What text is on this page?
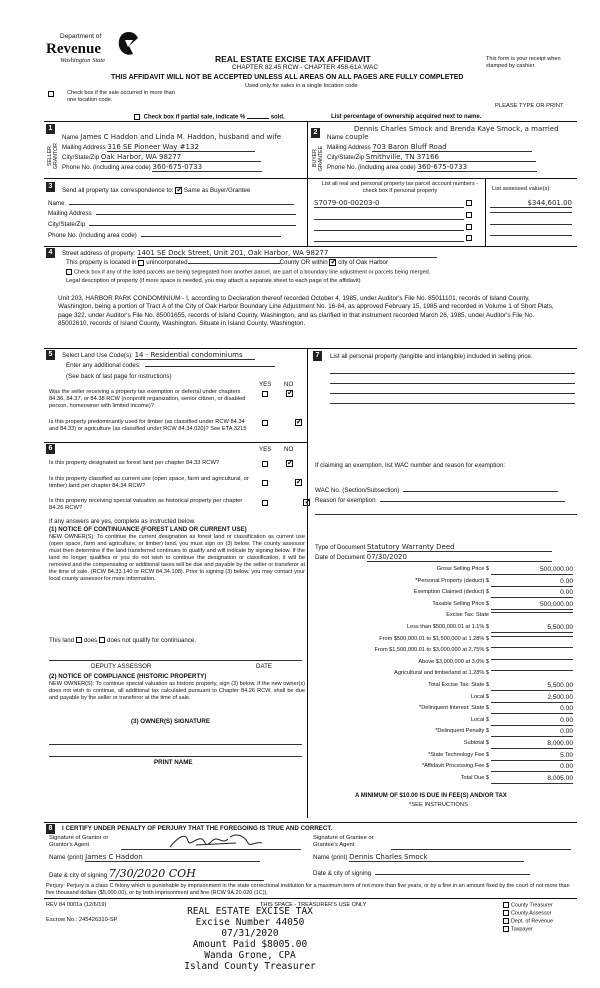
Department of
Revenue
Washington State	REAL ESTATE EXCISE TAX AFFIDAVIT
CHAPTER 82.45 RCW - CHAPTER 458-61A WAC
THIS AFFIDAVIT WILL NOT BE ACCEPTED UNLESS ALL AREAS ON ALL PAGES ARE FULLY COMPLETED
Used only for sales in a single location code
This form is your receipt when stamped by cashier.
Check box if the sale occurred in more than one location code.
PLEASE TYPE OR PRINT
Check box if partial sale, indicate %	sold.	List percentage of ownership acquired next to name.
1
SELLER GRANTOR
Name James C Haddon and Linda M. Haddon, husband and wife
Mailing Address 316 SE Pioneer Way #132
City/State/Zip Oak Harbor, WA 98277
Phone No. (including area code) 360-675-0733
2
BUYER GRANTEE
Dennis Charles Smock and Brenda Kaye Smock, a married
Name couple
Mailing Address 703 Baron Bluff Road
City/State/Zip Smithville, TN 37166
Phone No. (including area code) 360-675-0733
3
Send all property tax correspondence to: ✓ Same as Buyer/Grantee
Name
Mailing Address
City/State/Zip
Phone No. (including area code)
List all real and personal property tax parcel account numbers - check box if personal property	List assessed value(s)
S7079-00-00203-0	$344,601.00
4	Street address of property: 1401 SE Dock Street, Unit 201, Oak Harbor, WA 98277
This property is located in unincorporated	County OR within ✓ city of Oak Harbor
Check box if any of the listed parcels are being segregated from another parcel, are part of a boundary line adjustment or parcels being merged.
Legal description of property (if more space is needed, you may attach a separate sheet to each page of the affidavit)
Unit 203, HARBOR PARK CONDOMINIUM - I, according to Declaration thereof recorded October 4, 1985, under Auditor's File No. 85011101, records of Island County, Washington, being a portion of Tract A of the City of Oak Harbor Boundary Line Adjustment No. 16-84, as approved February 15, 1985 and recorded in Volume 1 of Short Plats, page 322, under Auditor's File No. 85001655, records of Island County, Washington, and as clarified in that instrument recorded March 26, 1985, under Auditor's File No. 85002610, records of Island County, Washington. Situate in Island County, Washington.
5	Select Land Use Code(s): 14 - Residential condominiums
Enter any additional codes:
(See back of last page for instructions)
YES NO
Was the seller receiving a property tax exemption or deferral under chapters 84.36, 84.37, or 84.38 RCW (nonprofit organization, senior citizen, or disabled person, homeowner with limited income)?
✓
Is this property predominantly used for timber (as classified under RCW 84.34 and 84.33) or agriculture (as classified under RCW 84.34.020)? See ETA 3215
✓
7	List all personal property (tangible and intangible) included in selling price.
If claiming an exemption, list WAC number and reason for exemption:
WAC No. (Section/Subsection)
Reason for exemption
Type of Document Statutory Warranty Deed
Date of Document 07/30/2020
6	YES NO
Is this property designated as forest land per chapter 84.33 RCW?
✓
Is this property classified as current use (open space, farm and agricultural, or timber) land per chapter 84.34 RCW?
✓
Is this property receiving special valuation as historical property per chapter 84.26 RCW?
✓
If any answers are yes, complete as instructed below.
(1) NOTICE OF CONTINUANCE (FOREST LAND OR CURRENT USE)
NEW OWNER(S): To continue the current designation as forest land or classification as current use (open space, farm and agriculture, or timber) land, you must sign on (3) below. The county assessor must then determine if the land transferred continues to qualify and will indicate by signing below. If the land no longer qualifies or you do not wish to continue the designation or classification, it will be removed and the compensating or additional taxes will be due and payable by the seller or transferor at the time of sale. (RCW 84.33.140 or RCW 84.34.108). Prior to signing (3) below, you may contact your local county assessor for more information.
This land does does not qualify for continuance.
DEPUTY ASSESSOR	DATE
(2) NOTICE OF COMPLIANCE (HISTORIC PROPERTY)
NEW OWNER(S): To continue special valuation as historic property, sign (3) below. If the new owner(s) does not wish to continue, all additional tax calculated pursuant to Chapter 84.26 RCW, shall be due and payable by the seller or transferor at the time of sale.
(3) OWNER(S) SIGNATURE
PRINT NAME
Gross Selling Price $	500,000.00
*Personal Property (deduct) $	0.00
Exemption Claimed (deduct) $	0.00
Taxable Selling Price $	500,000.00
Excise Tax: State
Less than $500,000.01 at 1.1% $	5,500.00
From $500,000.01 to $1,500,000 at 1.28% $
From $1,500,000.01 to $3,000,000 at 2.75% $
Above $3,000,000 at 3.0% $
Agricultural and timberland at 1.28% $
Total Excise Tax: State $	5,500.00
Local $	2,500.00
*Delinquent Interest: State $	0.00
Local $	0.00
*Delinquent Penalty $	0.00
Subtotal $	8,000.00
*State Technology Fee $	5.00
*Affidavit Processing Fee $	0.00
Total Due $	8,005.00
A MINIMUM OF $10.00 IS DUE IN FEE(S) AND/OR TAX
*SEE INSTRUCTIONS
8	I CERTIFY UNDER PENALTY OF PERJURY THAT THE FOREGOING IS TRUE AND CORRECT.
Signature of Grantor or Grantor's Agent
Signature of Grantee or Grantee's Agent
Name (print) James C Haddon	Name (print) Dennis Charles Smock
Date & city of signing 7/30/2020 COH	Date & city of signing
Perjury: Perjury is a class C felony which is punishable by imprisonment in the state correctional institution for a maximum term of not more than five years, or by a fine in an amount fixed by the court of not more than five thousand dollars ($5,000.00), or by both imprisonment and fine (RCW 9A.20.020 (1C)).
REV 84 0001a (12/6/19)	THIS SPACE - TREASURER'S USE ONLY
Escrow No.: 245426310-SP
County Treasurer
County Assessor
Dept. of Revenue
Taxpayer
REAL ESTATE EXCISE TAX
Excise Number 44050
07/31/2020
Amount Paid $8005.00
Wanda Grone, CPA
Island County Treasurer
